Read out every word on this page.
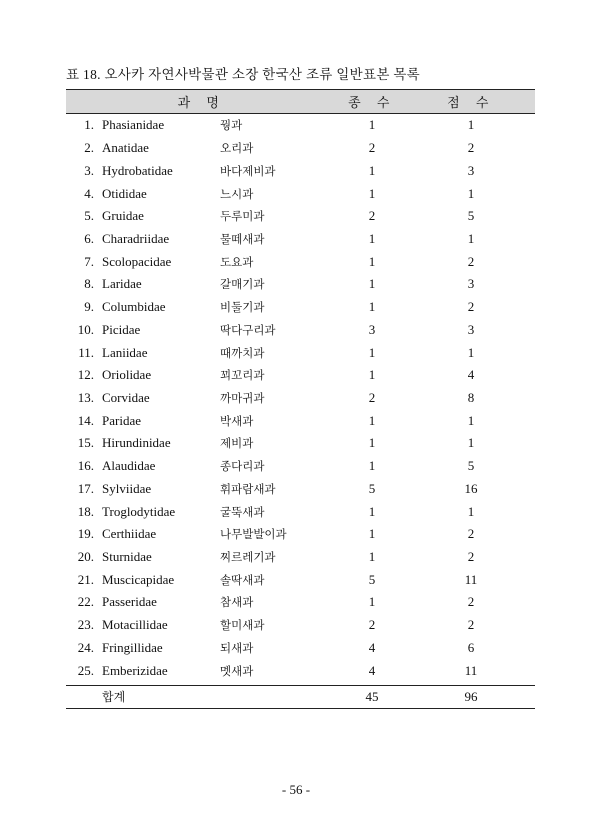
표 18. 오사카 자연사박물관 소장 한국산 조류 일반표본 목록
과 명			종 수	점 수
1.	Phasianidae	꿩과	1	1
2.	Anatidae	오리과	2	2
3.	Hydrobatidae	바다제비과	1	3
4.	Otididae	느시과	1	1
5.	Gruidae	두루미과	2	5
6.	Charadriidae	물떼새과	1	1
7.	Scolopacidae	도요과	1	2
8.	Laridae	갈매기과	1	3
9.	Columbidae	비둘기과	1	2
10.	Picidae	딱다구리과	3	3
11.	Laniidae	때까치과	1	1
12.	Oriolidae	꾀꼬리과	1	4
13.	Corvidae	까마귀과	2	8
14.	Paridae	박새과	1	1
15.	Hirundinidae	제비과	1	1
16.	Alaudidae	종다리과	1	5
17.	Sylviidae	휘파람새과	5	16
18.	Troglodytidae	굴뚝새과	1	1
19.	Certhiidae	나무발발이과	1	2
20.	Sturnidae	찌르레기과	1	2
21.	Muscicapidae	솔딱새과	5	11
22.	Passeridae	참새과	1	2
23.	Motacillidae	할미새과	2	2
24.	Fringillidae	되새과	4	6
25.	Emberizidae	멧새과	4	11
합계			45	96
- 56 -
